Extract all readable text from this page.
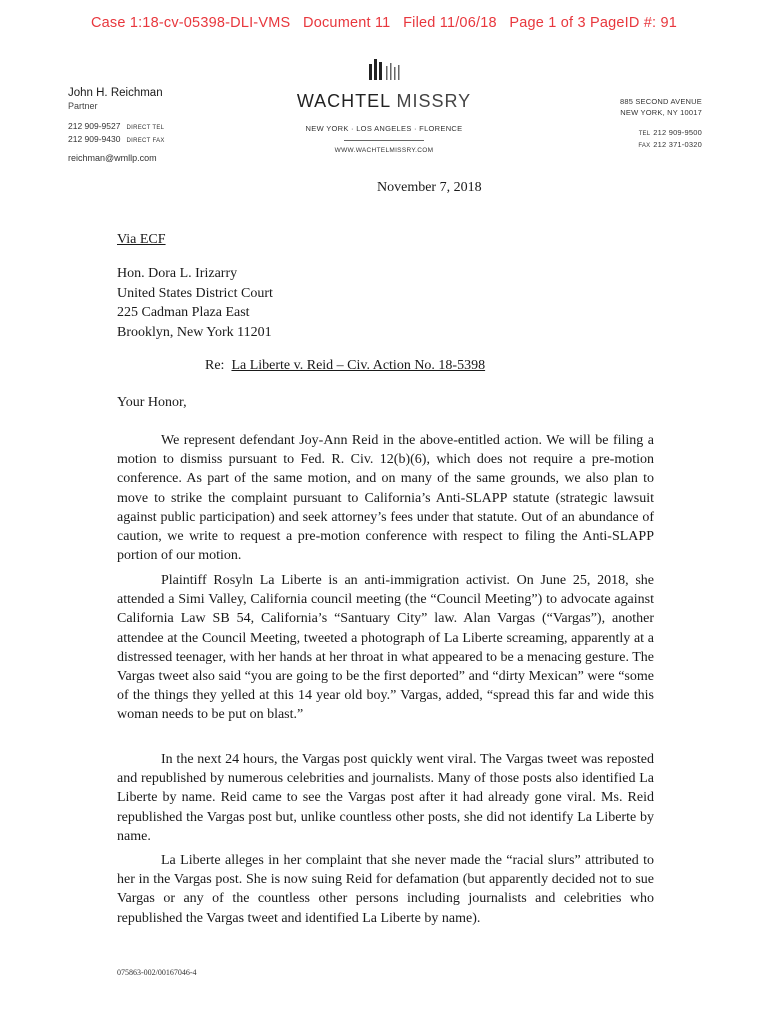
Case 1:18-cv-05398-DLI-VMS   Document 11   Filed 11/06/18   Page 1 of 3 PageID #: 91
John H. Reichman
Partner
212 909-9527 DIRECT TEL
212 909-9430 DIRECT FAX
reichman@wmllp.com
WACHTEL MISSRY
NEW YORK · LOS ANGELES · FLORENCE
WWW.WACHTELMISSRY.COM
885 SECOND AVENUE
NEW YORK, NY 10017
TEL 212 909-9500
FAX 212 371-0320
November 7, 2018
Via ECF
Hon. Dora L. Irizarry
United States District Court
225 Cadman Plaza East
Brooklyn, New York 11201
Re: La Liberte v. Reid – Civ. Action No. 18-5398
Your Honor,

We represent defendant Joy-Ann Reid in the above-entitled action. We will be filing a motion to dismiss pursuant to Fed. R. Civ. 12(b)(6), which does not require a pre-motion conference. As part of the same motion, and on many of the same grounds, we also plan to move to strike the complaint pursuant to California’s Anti-SLAPP statute (strategic lawsuit against public participation) and seek attorney’s fees under that statute. Out of an abundance of caution, we write to request a pre-motion conference with respect to filing the Anti-SLAPP portion of our motion.

Plaintiff Rosyln La Liberte is an anti-immigration activist. On June 25, 2018, she attended a Simi Valley, California council meeting (the “Council Meeting”) to advocate against California Law SB 54, California’s “Santuary City” law. Alan Vargas (“Vargas”), another attendee at the Council Meeting, tweeted a photograph of La Liberte screaming, apparently at a distressed teenager, with her hands at her throat in what appeared to be a menacing gesture. The Vargas tweet also said “you are going to be the first deported” and “dirty Mexican” were “some of the things they yelled at this 14 year old boy.” Vargas, added, “spread this far and wide this woman needs to be put on blast.”

In the next 24 hours, the Vargas post quickly went viral. The Vargas tweet was reposted and republished by numerous celebrities and journalists. Many of those posts also identified La Liberte by name. Reid came to see the Vargas post after it had already gone viral. Ms. Reid republished the Vargas post but, unlike countless other posts, she did not identify La Liberte by name.

La Liberte alleges in her complaint that she never made the “racial slurs” attributed to her in the Vargas post. She is now suing Reid for defamation (but apparently decided not to sue Vargas or any of the countless other persons including journalists and celebrities who republished the Vargas tweet and identified La Liberte by name).

075863-002/00167046-4
